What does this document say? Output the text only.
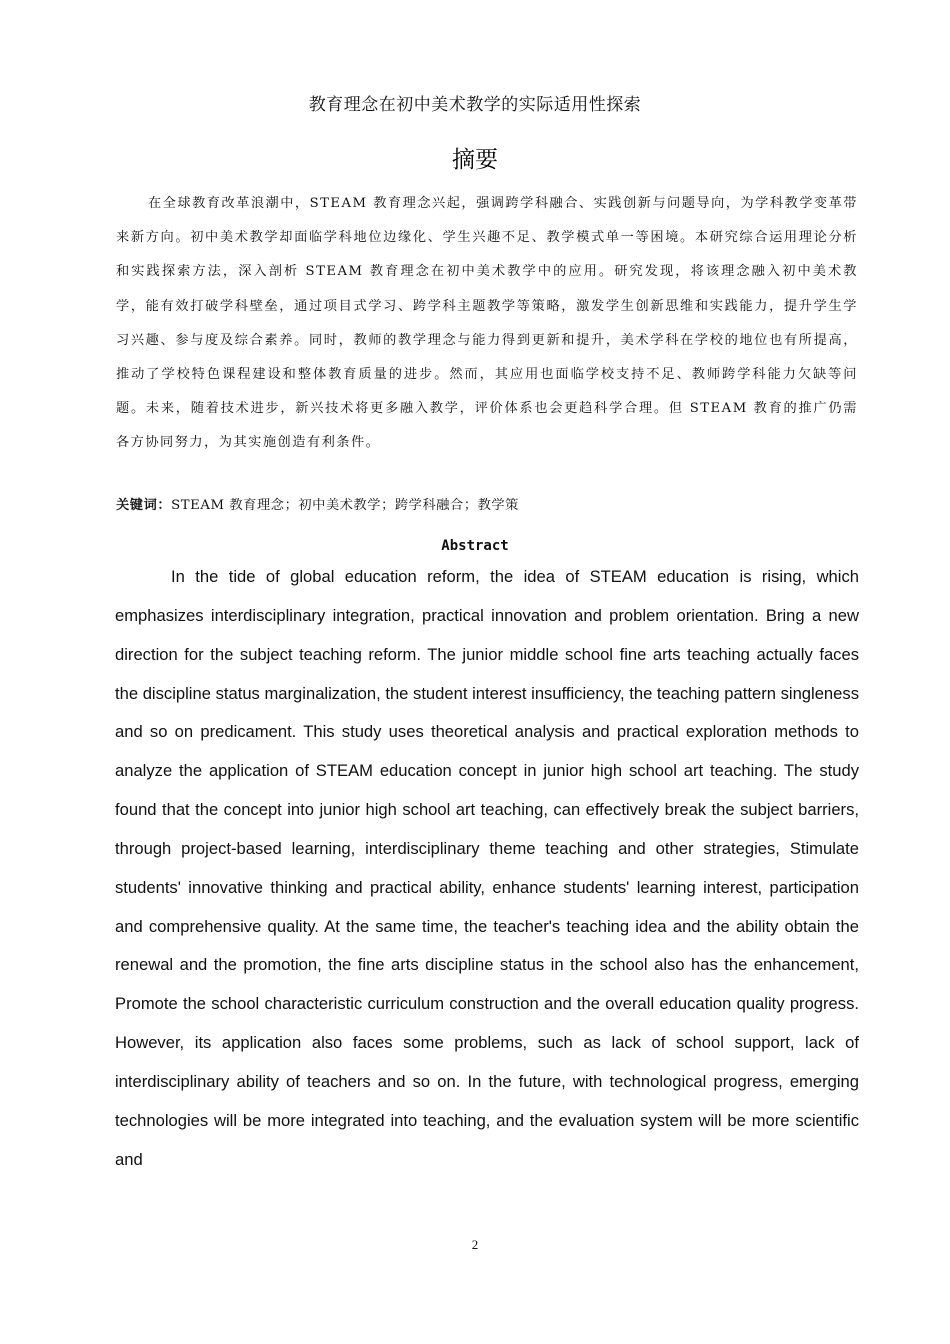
教育理念在初中美术教学的实际适用性探索
摘要

在全球教育改革浪潮中，STEAM 教育理念兴起，强调跨学科融合、实践创新与问题导向，为学科教学变革带来新方向。初中美术教学却面临学科地位边缘化、学生兴趣不足、教学模式单一等困境。本研究综合运用理论分析和实践探索方法，深入剖析 STEAM 教育理念在初中美术教学中的应用。研究发现，将该理念融入初中美术教学，能有效打破学科壁垒，通过项目式学习、跨学科主题教学等策略，激发学生创新思维和实践能力，提升学生学习兴趣、参与度及综合素养。同时，教师的教学理念与能力得到更新和提升，美术学科在学校的地位也有所提高，推动了学校特色课程建设和整体教育质量的进步。然而，其应用也面临学校支持不足、教师跨学科能力欠缺等问题。未来，随着技术进步，新兴技术将更多融入教学，评价体系也会更趋科学合理。但 STEAM 教育的推广仍需各方协同努力，为其实施创造有利条件。

关键词：STEAM 教育理念；初中美术教学；跨学科融合；教学策

Abstract

In the tide of global education reform, the idea of STEAM education is rising, which emphasizes interdisciplinary integration, practical innovation and problem orientation. Bring a new direction for the subject teaching reform. The junior middle school fine arts teaching actually faces the discipline status marginalization, the student interest insufficiency, the teaching pattern singleness and so on predicament. This study uses theoretical analysis and practical exploration methods to analyze the application of STEAM education concept in junior high school art teaching. The study found that the concept into junior high school art teaching, can effectively break the subject barriers, through project-based learning, interdisciplinary theme teaching and other strategies, Stimulate students' innovative thinking and practical ability, enhance students' learning interest, participation and comprehensive quality. At the same time, the teacher's teaching idea and the ability obtain the renewal and the promotion, the fine arts discipline status in the school also has the enhancement, Promote the school characteristic curriculum construction and the overall education quality progress. However, its application also faces some problems, such as lack of school support, lack of interdisciplinary ability of teachers and so on. In the future, with technological progress, emerging technologies will be more integrated into teaching, and the evaluation system will be more scientific and

2
